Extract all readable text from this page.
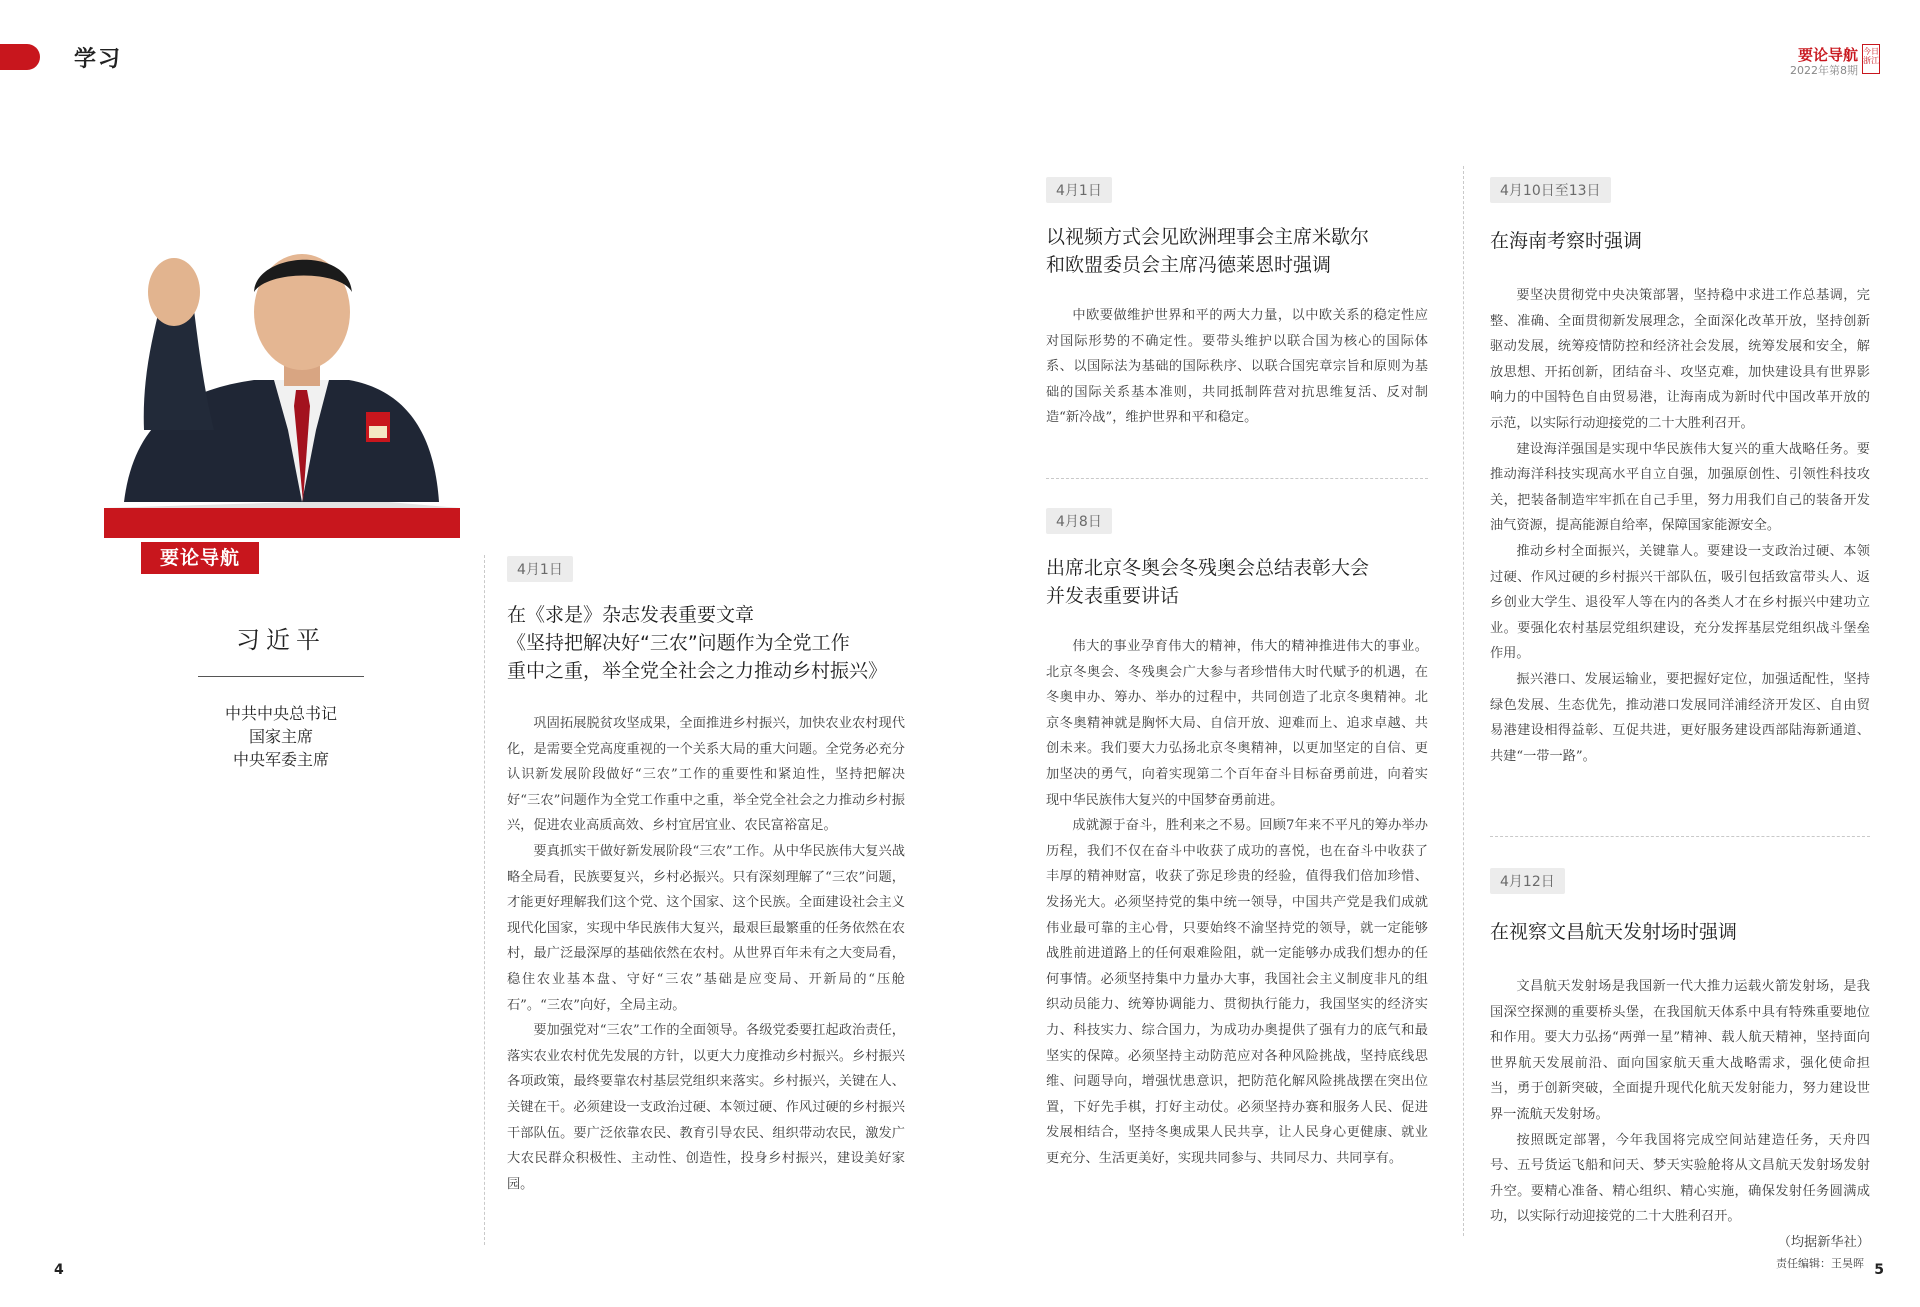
学习	要论导航
2022年第8期
今日浙江
要论导航
习近平
中共中央总书记
国家主席
中央军委主席
4月1日
在《求是》杂志发表重要文章
《坚持把解决好“三农”问题作为全党工作
重中之重，举全党全社会之力推动乡村振兴》

巩固拓展脱贫攻坚成果，全面推进乡村振兴，加快农业农村现代化，是需要全党高度重视的一个关系大局的重大问题。全党务必充分认识新发展阶段做好“三农”工作的重要性和紧迫性，坚持把解决好“三农”问题作为全党工作重中之重，举全党全社会之力推动乡村振兴，促进农业高质高效、乡村宜居宜业、农民富裕富足。

要真抓实干做好新发展阶段“三农”工作。从中华民族伟大复兴战略全局看，民族要复兴，乡村必振兴。只有深刻理解了“三农”问题，才能更好理解我们这个党、这个国家、这个民族。全面建设社会主义现代化国家，实现中华民族伟大复兴，最艰巨最繁重的任务依然在农村，最广泛最深厚的基础依然在农村。从世界百年未有之大变局看，稳住农业基本盘、守好“三农”基础是应变局、开新局的“压舱石”。“三农”向好，全局主动。

要加强党对“三农”工作的全面领导。各级党委要扛起政治责任，落实农业农村优先发展的方针，以更大力度推动乡村振兴。乡村振兴各项政策，最终要靠农村基层党组织来落实。乡村振兴，关键在人、关键在干。必须建设一支政治过硬、本领过硬、作风过硬的乡村振兴干部队伍。要广泛依靠农民、教育引导农民、组织带动农民，激发广大农民群众积极性、主动性、创造性，投身乡村振兴，建设美好家园。

4月1日
以视频方式会见欧洲理事会主席米歇尔
和欧盟委员会主席冯德莱恩时强调

中欧要做维护世界和平的两大力量，以中欧关系的稳定性应对国际形势的不确定性。要带头维护以联合国为核心的国际体系、以国际法为基础的国际秩序、以联合国宪章宗旨和原则为基础的国际关系基本准则，共同抵制阵营对抗思维复活、反对制造“新冷战”，维护世界和平和稳定。

4月8日
出席北京冬奥会冬残奥会总结表彰大会
并发表重要讲话

伟大的事业孕育伟大的精神，伟大的精神推进伟大的事业。北京冬奥会、冬残奥会广大参与者珍惜伟大时代赋予的机遇，在冬奥申办、筹办、举办的过程中，共同创造了北京冬奥精神。北京冬奥精神就是胸怀大局、自信开放、迎难而上、追求卓越、共创未来。我们要大力弘扬北京冬奥精神，以更加坚定的自信、更加坚决的勇气，向着实现第二个百年奋斗目标奋勇前进，向着实现中华民族伟大复兴的中国梦奋勇前进。

成就源于奋斗，胜利来之不易。回顾7年来不平凡的筹办举办历程，我们不仅在奋斗中收获了成功的喜悦，也在奋斗中收获了丰厚的精神财富，收获了弥足珍贵的经验，值得我们倍加珍惜、发扬光大。必须坚持党的集中统一领导，中国共产党是我们成就伟业最可靠的主心骨，只要始终不渝坚持党的领导，就一定能够战胜前进道路上的任何艰难险阻，就一定能够办成我们想办的任何事情。必须坚持集中力量办大事，我国社会主义制度非凡的组织动员能力、统筹协调能力、贯彻执行能力，我国坚实的经济实力、科技实力、综合国力，为成功办奥提供了强有力的底气和最坚实的保障。必须坚持主动防范应对各种风险挑战，坚持底线思维、问题导向，增强忧患意识，把防范化解风险挑战摆在突出位置，下好先手棋，打好主动仗。必须坚持办赛和服务人民、促进发展相结合，坚持冬奥成果人民共享，让人民身心更健康、就业更充分、生活更美好，实现共同参与、共同尽力、共同享有。

4月10日至13日
在海南考察时强调

要坚决贯彻党中央决策部署，坚持稳中求进工作总基调，完整、准确、全面贯彻新发展理念，全面深化改革开放，坚持创新驱动发展，统筹疫情防控和经济社会发展，统筹发展和安全，解放思想、开拓创新，团结奋斗、攻坚克难，加快建设具有世界影响力的中国特色自由贸易港，让海南成为新时代中国改革开放的示范，以实际行动迎接党的二十大胜利召开。

建设海洋强国是实现中华民族伟大复兴的重大战略任务。要推动海洋科技实现高水平自立自强，加强原创性、引领性科技攻关，把装备制造牢牢抓在自己手里，努力用我们自己的装备开发油气资源，提高能源自给率，保障国家能源安全。

推动乡村全面振兴，关键靠人。要建设一支政治过硬、本领过硬、作风过硬的乡村振兴干部队伍，吸引包括致富带头人、返乡创业大学生、退役军人等在内的各类人才在乡村振兴中建功立业。要强化农村基层党组织建设，充分发挥基层党组织战斗堡垒作用。

振兴港口、发展运输业，要把握好定位，加强适配性，坚持绿色发展、生态优先，推动港口发展同洋浦经济开发区、自由贸易港建设相得益彰、互促共进，更好服务建设西部陆海新通道、共建“一带一路”。

4月12日
在视察文昌航天发射场时强调

文昌航天发射场是我国新一代大推力运载火箭发射场，是我国深空探测的重要桥头堡，在我国航天体系中具有特殊重要地位和作用。要大力弘扬“两弹一星”精神、载人航天精神，坚持面向世界航天发展前沿、面向国家航天重大战略需求，强化使命担当，勇于创新突破，全面提升现代化航天发射能力，努力建设世界一流航天发射场。

按照既定部署，今年我国将完成空间站建造任务，天舟四号、五号货运飞船和问天、梦天实验舱将从文昌航天发射场发射升空。要精心准备、精心组织、精心实施，确保发射任务圆满成功，以实际行动迎接党的二十大胜利召开。

（均据新华社）
责任编辑：王昊晖
4	5
